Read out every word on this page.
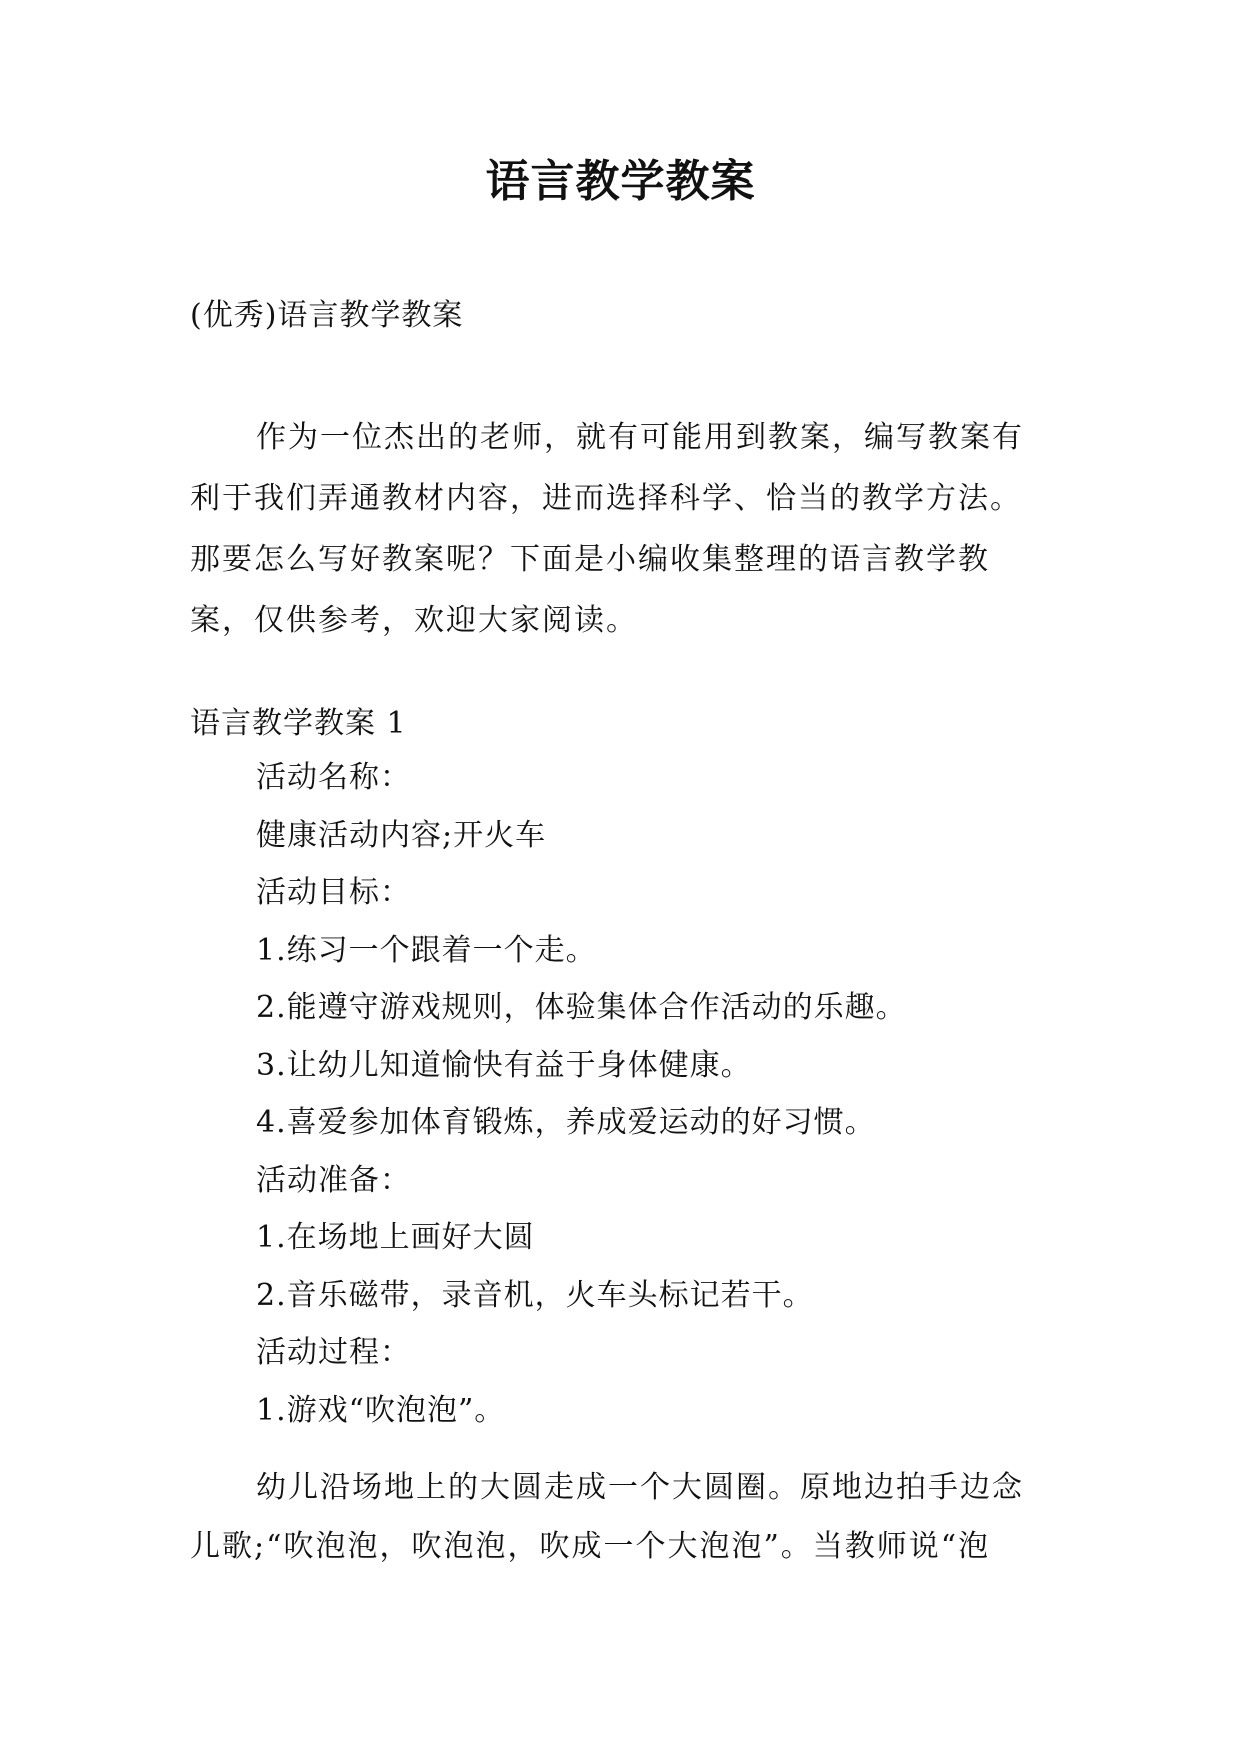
语言教学教案
(优秀)语言教学教案
作为一位杰出的老师，就有可能用到教案，编写教案有
利于我们弄通教材内容，进而选择科学、恰当的教学方法。
那要怎么写好教案呢？下面是小编收集整理的语言教学教
案，仅供参考，欢迎大家阅读。
语言教学教案 1
活动名称：
健康活动内容;开火车
活动目标：
1.练习一个跟着一个走。
2.能遵守游戏规则，体验集体合作活动的乐趣。
3.让幼儿知道愉快有益于身体健康。
4.喜爱参加体育锻炼，养成爱运动的好习惯。
活动准备：
1.在场地上画好大圆
2.音乐磁带，录音机，火车头标记若干。
活动过程：
1.游戏“吹泡泡”。
幼儿沿场地上的大圆走成一个大圆圈。原地边拍手边念
儿歌;“吹泡泡，吹泡泡，吹成一个大泡泡”。当教师说“泡
